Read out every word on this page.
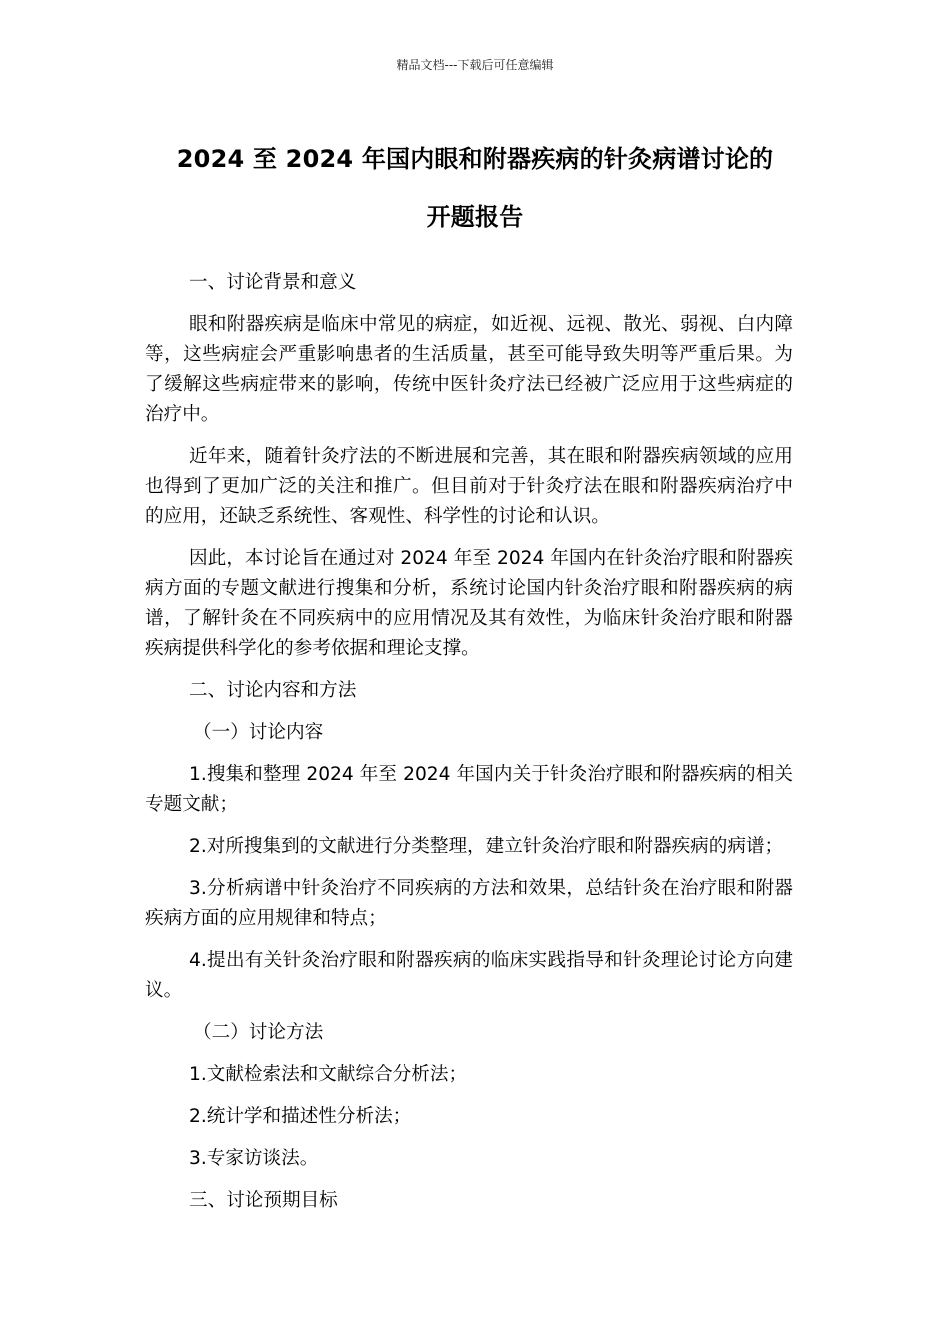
精品文档---下载后可任意编辑
2024 至 2024 年国内眼和附器疾病的针灸病谱讨论的
开题报告

一、讨论背景和意义

眼和附器疾病是临床中常见的病症，如近视、远视、散光、弱视、白内障等，这些病症会严重影响患者的生活质量，甚至可能导致失明等严重后果。为了缓解这些病症带来的影响，传统中医针灸疗法已经被广泛应用于这些病症的治疗中。

近年来，随着针灸疗法的不断进展和完善，其在眼和附器疾病领域的应用也得到了更加广泛的关注和推广。但目前对于针灸疗法在眼和附器疾病治疗中的应用，还缺乏系统性、客观性、科学性的讨论和认识。

因此，本讨论旨在通过对 2024 年至 2024 年国内在针灸治疗眼和附器疾病方面的专题文献进行搜集和分析，系统讨论国内针灸治疗眼和附器疾病的病谱，了解针灸在不同疾病中的应用情况及其有效性，为临床针灸治疗眼和附器疾病提供科学化的参考依据和理论支撑。

二、讨论内容和方法

（一）讨论内容

1.搜集和整理 2024 年至 2024 年国内关于针灸治疗眼和附器疾病的相关专题文献；

2.对所搜集到的文献进行分类整理，建立针灸治疗眼和附器疾病的病谱；

3.分析病谱中针灸治疗不同疾病的方法和效果，总结针灸在治疗眼和附器疾病方面的应用规律和特点；

4.提出有关针灸治疗眼和附器疾病的临床实践指导和针灸理论讨论方向建议。

（二）讨论方法

1.文献检索法和文献综合分析法；

2.统计学和描述性分析法；

3.专家访谈法。

三、讨论预期目标
